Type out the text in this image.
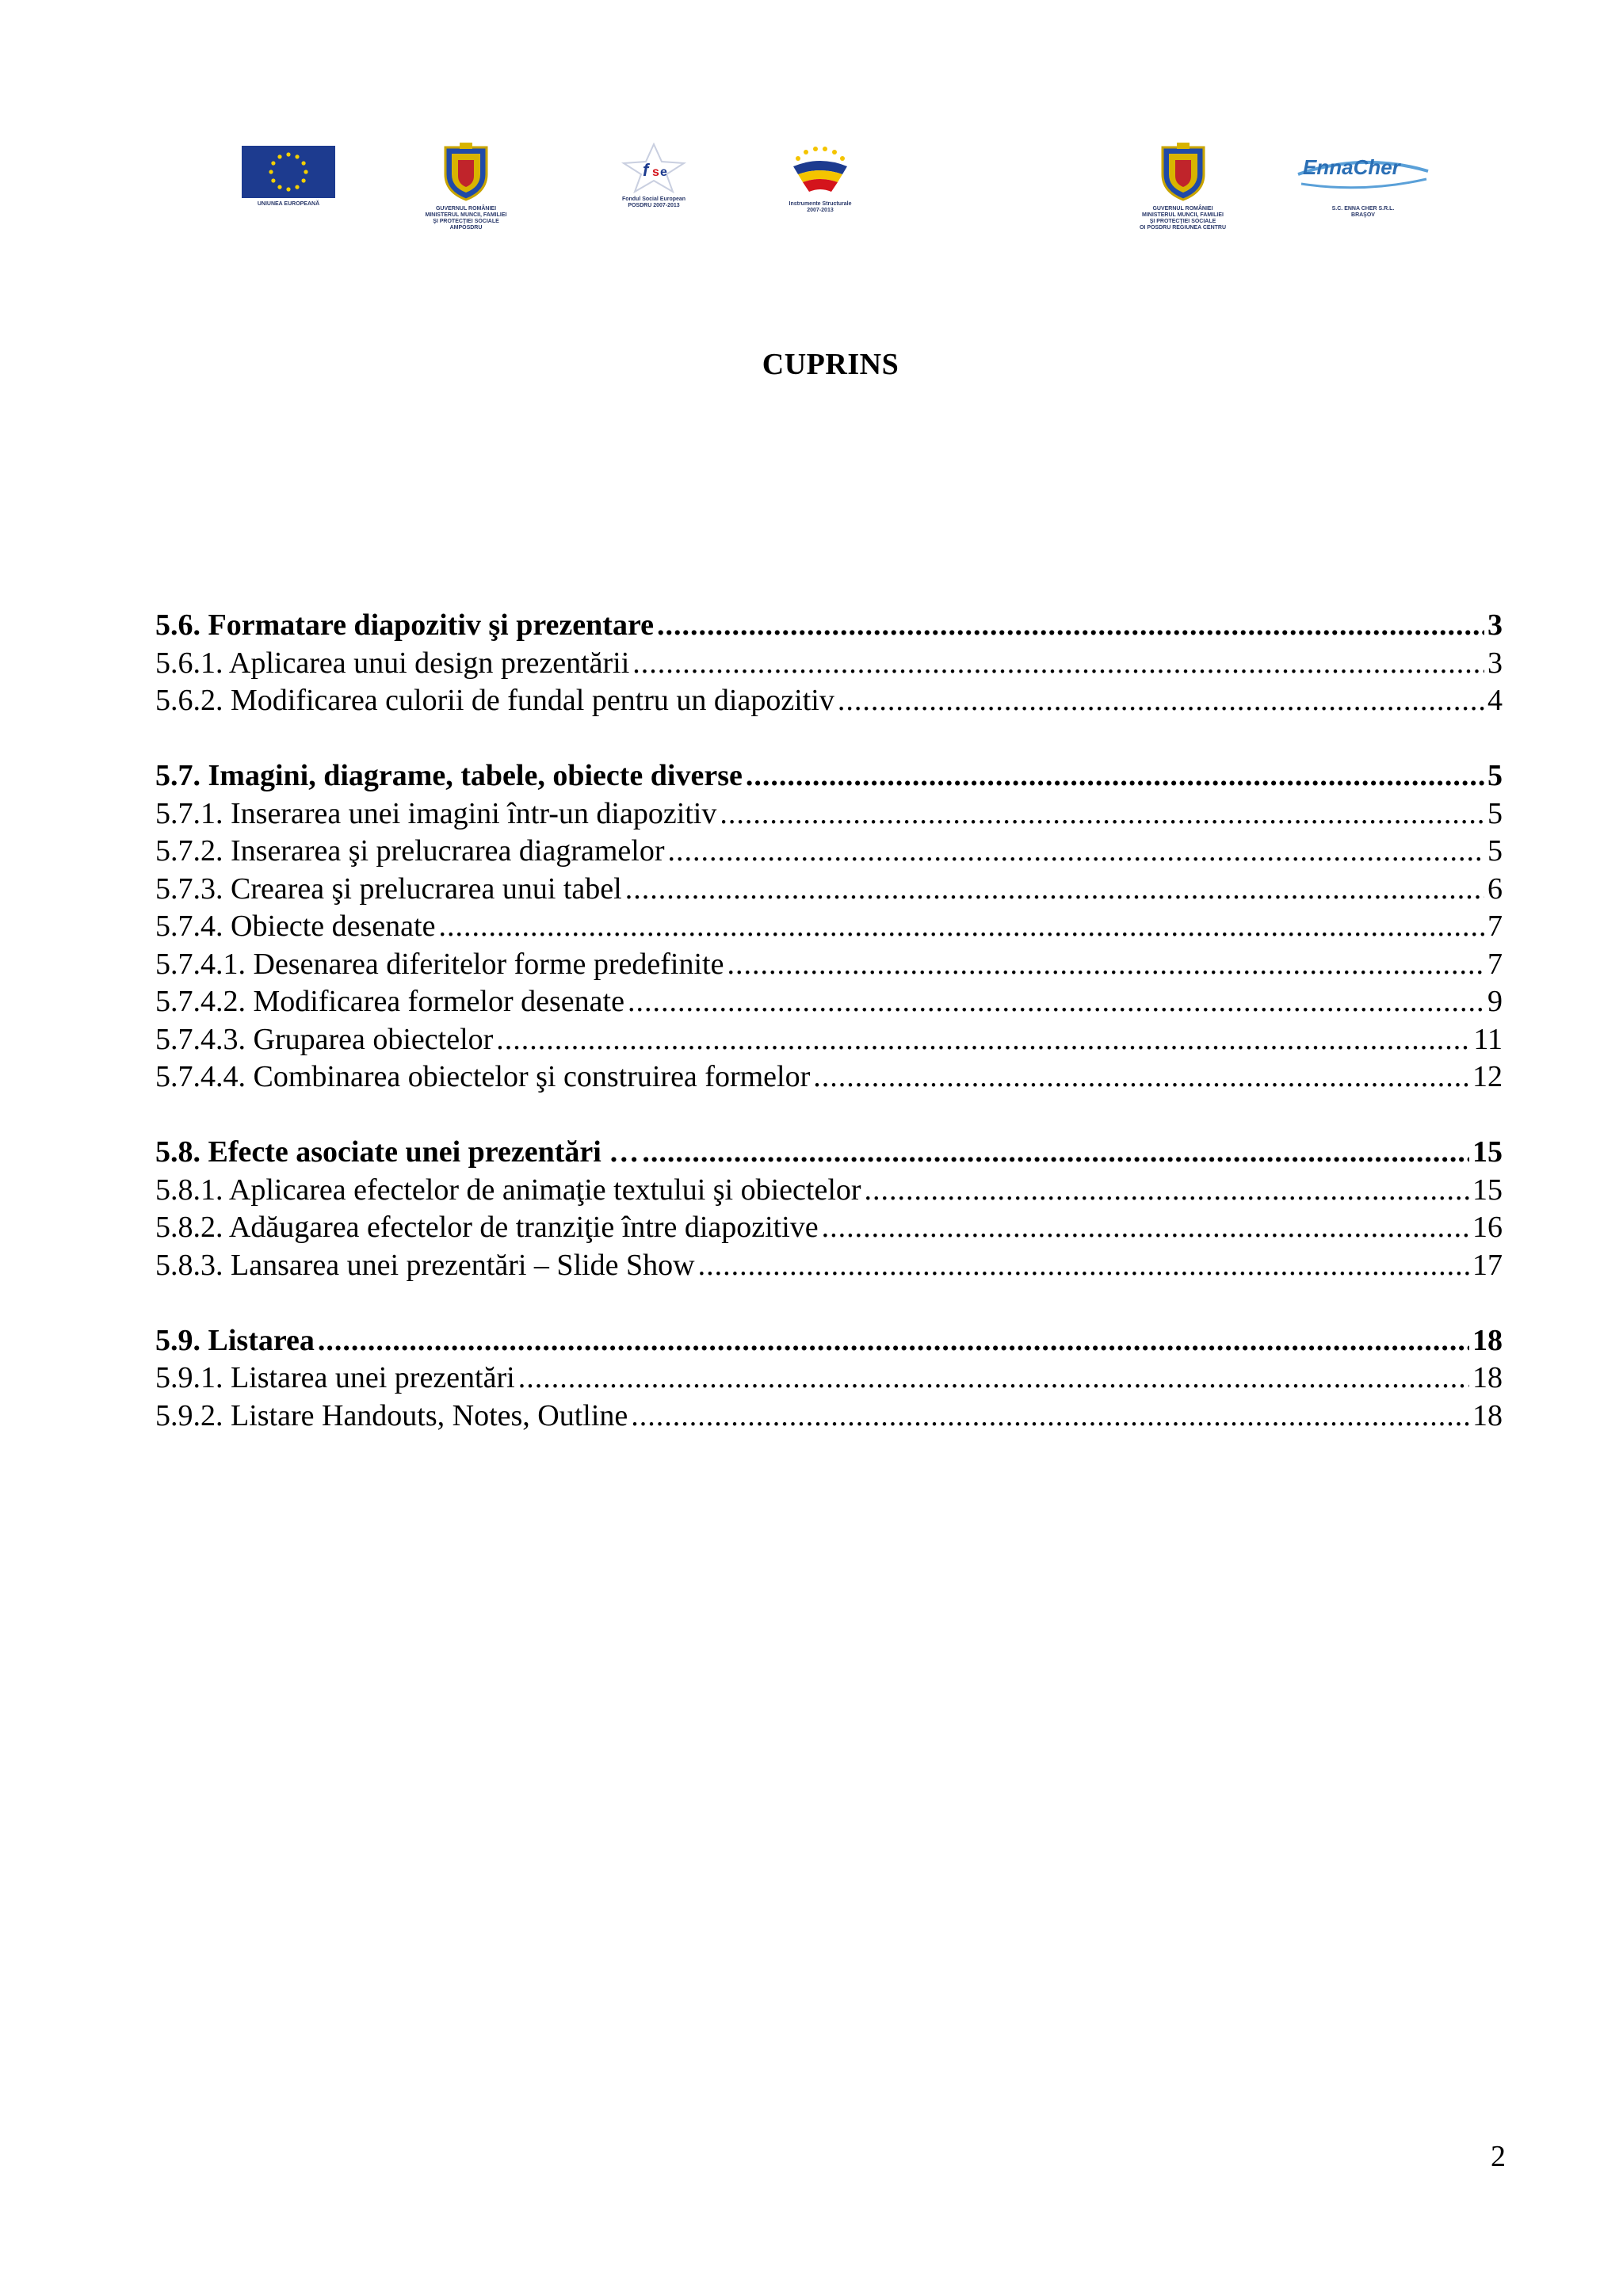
UNIUNEA EUROPEANĂ
GUVERNUL ROMÂNIEI
MINISTERUL MUNCII, FAMILIEI
ŞI PROTECŢIEI SOCIALE
AMPOSDRU
f s e
Fondul Social European
POSDRU 2007-2013	Instrumente Structurale
2007-2013	GUVERNUL ROMÂNIEI
MINISTERUL MUNCII, FAMILIEI
ŞI PROTECŢIEI SOCIALE
OI POSDRU REGIUNEA CENTRU
EnnaCher
S.C. ENNA CHER S.R.L.
BRAŞOV
CUPRINS
5.6. Formatare diapozitiv şi prezentare .....	3
5.6.1. Aplicarea unui design prezentării .....	3
5.6.2. Modificarea culorii de fundal pentru un diapozitiv .....	4
5.7. Imagini, diagrame, tabele, obiecte diverse .....	5
5.7.1. Inserarea unei imagini într-un diapozitiv .....	5
5.7.2. Inserarea şi prelucrarea diagramelor .....	5
5.7.3. Crearea şi prelucrarea unui tabel .....	6
5.7.4. Obiecte desenate .....	7
5.7.4.1. Desenarea diferitelor forme predefinite .....	7
5.7.4.2. Modificarea formelor desenate .....	9
5.7.4.3. Gruparea obiectelor .....	11
5.7.4.4. Combinarea obiectelor şi construirea formelor .....	12
5.8. Efecte asociate unei prezentări … .....	15
5.8.1. Aplicarea efectelor de animaţie textului şi obiectelor .....	15
5.8.2. Adăugarea efectelor de tranziţie între diapozitive .....	16
5.8.3. Lansarea unei prezentări – Slide Show .....	17
5.9. Listarea .....	18
5.9.1. Listarea unei prezentări .....	18
5.9.2. Listare Handouts, Notes, Outline .....	18
2
